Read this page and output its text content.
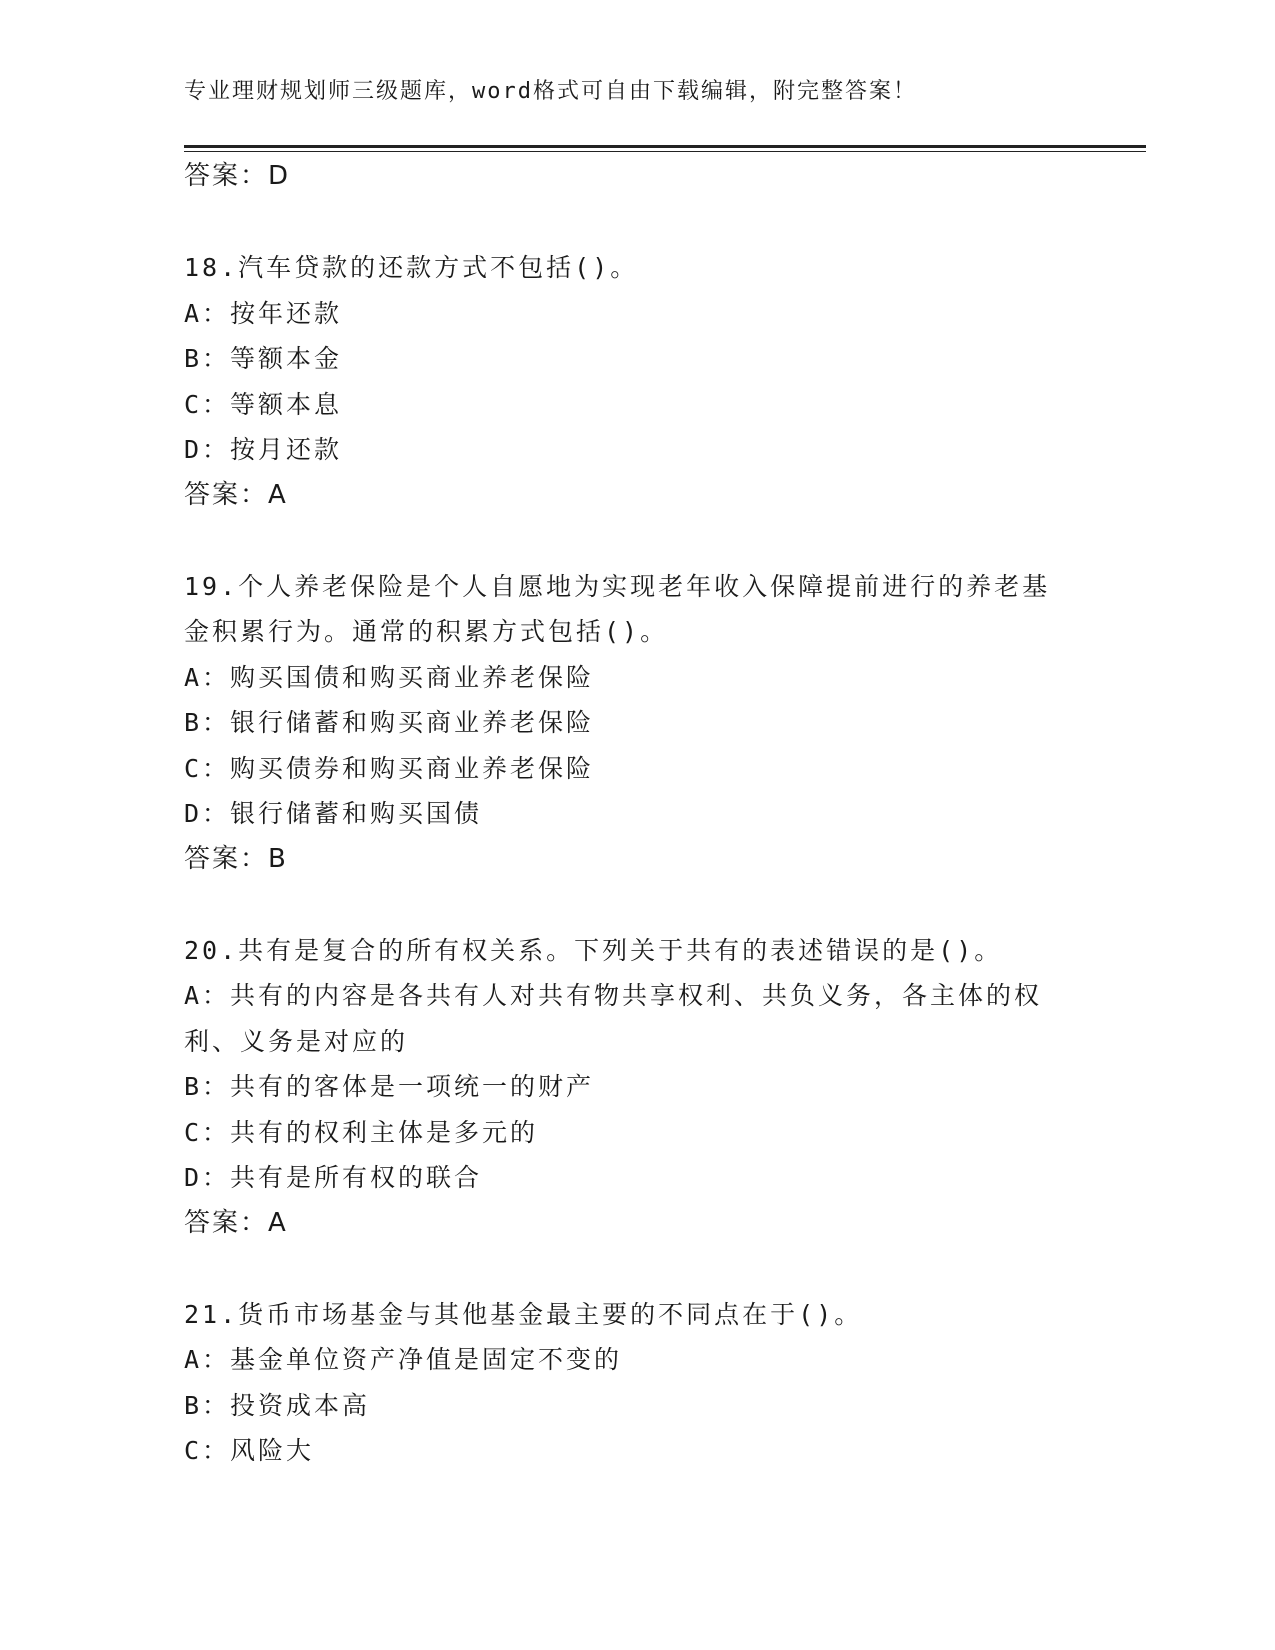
专业理财规划师三级题库，word格式可自由下载编辑，附完整答案！
答案：D
18.汽车贷款的还款方式不包括()。
A：按年还款
B：等额本金
C：等额本息
D：按月还款
答案：A
19.个人养老保险是个人自愿地为实现老年收入保障提前进行的养老基
金积累行为。通常的积累方式包括()。
A：购买国债和购买商业养老保险
B：银行储蓄和购买商业养老保险
C：购买债券和购买商业养老保险
D：银行储蓄和购买国债
答案：B
20.共有是复合的所有权关系。下列关于共有的表述错误的是()。
A：共有的内容是各共有人对共有物共享权利、共负义务，各主体的权
利、义务是对应的
B：共有的客体是一项统一的财产
C：共有的权利主体是多元的
D：共有是所有权的联合
答案：A
21.货币市场基金与其他基金最主要的不同点在于()。
A：基金单位资产净值是固定不变的
B：投资成本高
C：风险大
